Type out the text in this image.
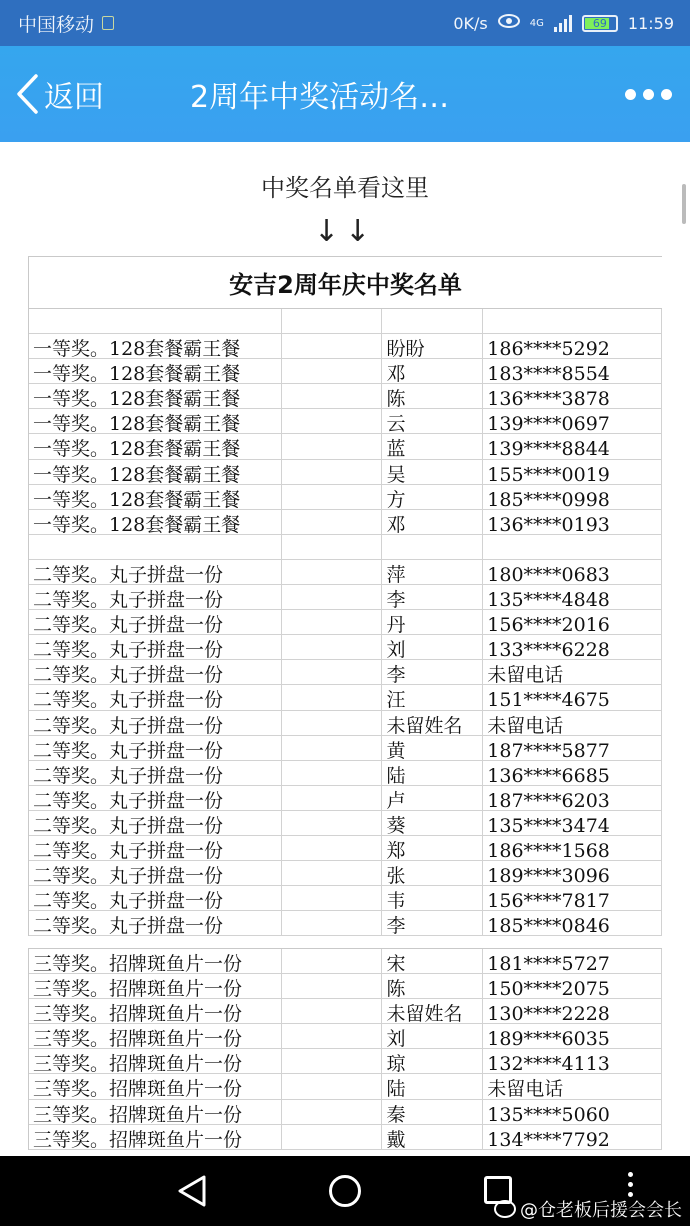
中国移动	0K/s	4G	69	11:59
返回	2周年中奖活动名…
中奖名单看这里
↓↓
安吉2周年庆中奖名单
一等奖。128套餐霸王餐	盼盼	186****5292
一等奖。128套餐霸王餐	邓	183****8554
一等奖。128套餐霸王餐	陈	136****3878
一等奖。128套餐霸王餐	云	139****0697
一等奖。128套餐霸王餐	蓝	139****8844
一等奖。128套餐霸王餐	吴	155****0019
一等奖。128套餐霸王餐	方	185****0998
一等奖。128套餐霸王餐	邓	136****0193
二等奖。丸子拼盘一份	萍	180****0683
二等奖。丸子拼盘一份	李	135****4848
二等奖。丸子拼盘一份	丹	156****2016
二等奖。丸子拼盘一份	刘	133****6228
二等奖。丸子拼盘一份	李	未留电话
二等奖。丸子拼盘一份	汪	151****4675
二等奖。丸子拼盘一份	未留姓名	未留电话
二等奖。丸子拼盘一份	黄	187****5877
二等奖。丸子拼盘一份	陆	136****6685
二等奖。丸子拼盘一份	卢	187****6203
二等奖。丸子拼盘一份	葵	135****3474
二等奖。丸子拼盘一份	郑	186****1568
二等奖。丸子拼盘一份	张	189****3096
二等奖。丸子拼盘一份	韦	156****7817
二等奖。丸子拼盘一份	李	185****0846
三等奖。招牌斑鱼片一份	宋	181****5727
三等奖。招牌斑鱼片一份	陈	150****2075
三等奖。招牌斑鱼片一份	未留姓名	130****2228
三等奖。招牌斑鱼片一份	刘	189****6035
三等奖。招牌斑鱼片一份	琼	132****4113
三等奖。招牌斑鱼片一份	陆	未留电话
三等奖。招牌斑鱼片一份	秦	135****5060
三等奖。招牌斑鱼片一份	戴	134****7792
@仓老板后援会会长
